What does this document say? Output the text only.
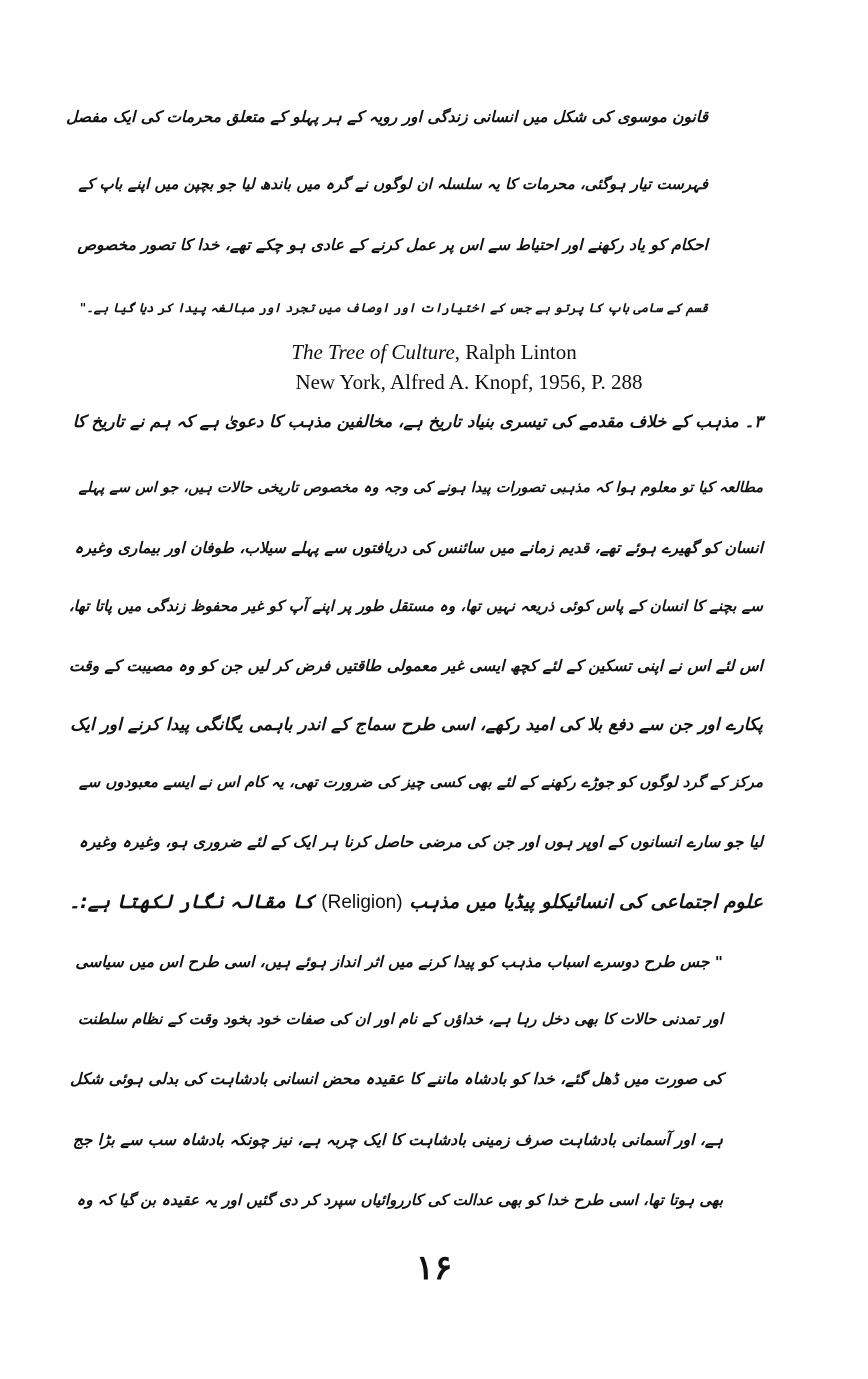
قانون موسوی کی شکل میں انسانی زندگی اور رویہ کے ہر پہلو کے متعلق محرمات کی ایک مفصل
فہرست تیار ہوگئی، محرمات کا یہ سلسلہ ان لوگوں نے گرہ میں باندھ لیا جو بچپن میں اپنے باپ کے
احکام کو یاد رکھنے اور احتیاط سے اس پر عمل کرنے کے عادی ہو چکے تھے، خدا کا تصور مخصوص
قسم کے سامی باپ کا پرتو ہے جس کے اختیارات اور اوصاف میں تجرد اور مبالغہ پیدا کر دیا گیا ہے۔"
The Tree of Culture, Ralph Linton
New York, Alfred A. Knopf, 1956, P. 288
۳۔ مذہب کے خلاف مقدمے کی تیسری بنیاد تاریخ ہے، مخالفین مذہب کا دعویٰ ہے کہ ہم نے تاریخ کا
مطالعہ کیا تو معلوم ہوا کہ مذہبی تصورات پیدا ہونے کی وجہ وہ مخصوص تاریخی حالات ہیں، جو اس سے پہلے
انسان کو گھیرے ہوئے تھے، قدیم زمانے میں سائنس کی دریافتوں سے پہلے سیلاب، طوفان اور بیماری وغیرہ
سے بچنے کا انسان کے پاس کوئی ذریعہ نہیں تھا، وہ مستقل طور پر اپنے آپ کو غیر محفوظ زندگی میں پاتا تھا،
اس لئے اس نے اپنی تسکین کے لئے کچھ ایسی غیر معمولی طاقتیں فرض کر لیں جن کو وہ مصیبت کے وقت
پکارے اور جن سے دفع بلا کی امید رکھے، اسی طرح سماج کے اندر باہمی یگانگی پیدا کرنے اور ایک
مرکز کے گرد لوگوں کو جوڑے رکھنے کے لئے بھی کسی چیز کی ضرورت تھی، یہ کام اس نے ایسے معبودوں سے
لیا جو سارے انسانوں کے اوپر ہوں اور جن کی مرضی حاصل کرنا ہر ایک کے لئے ضروری ہو، وغیرہ وغیرہ
علوم اجتماعی کی انسائیکلو پیڈیا میں مذہب (Religion) کا مقالہ نگار لکھتا ہے:۔
" جس طرح دوسرے اسباب مذہب کو پیدا کرنے میں اثر انداز ہوئے ہیں، اسی طرح اس میں سیاسی
اور تمدنی حالات کا بھی دخل رہا ہے، خداؤں کے نام اور ان کی صفات خود بخود وقت کے نظام سلطنت
کی صورت میں ڈھل گئے، خدا کو بادشاہ ماننے کا عقیدہ محض انسانی بادشاہت کی بدلی ہوئی شکل
ہے، اور آسمانی بادشاہت صرف زمینی بادشاہت کا ایک چربہ ہے، نیز چونکہ بادشاہ سب سے بڑا جج
بھی ہوتا تھا، اسی طرح خدا کو بھی عدالت کی کارروائیاں سپرد کر دی گئیں اور یہ عقیدہ بن گیا کہ وہ
۱۶
